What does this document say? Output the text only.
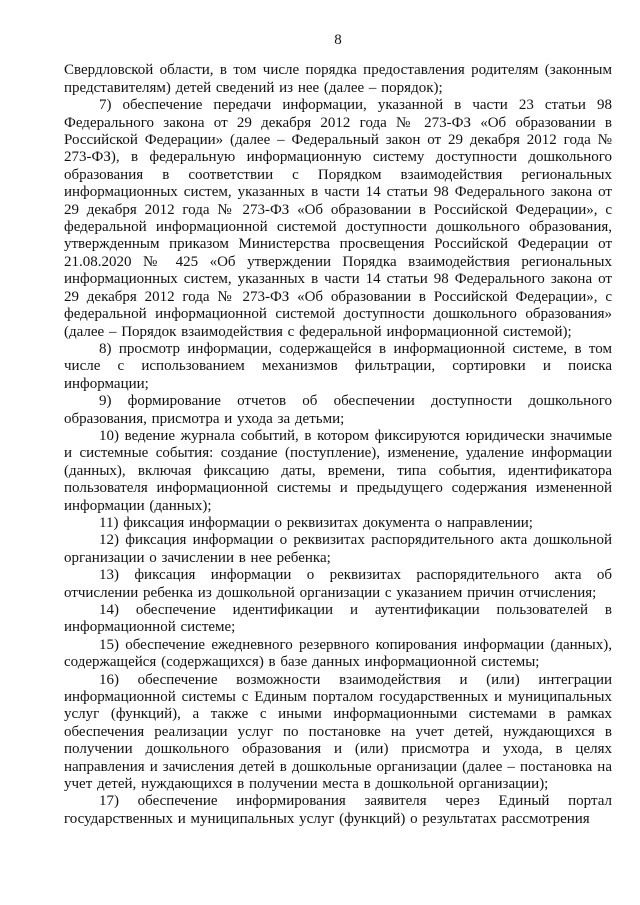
8

Свердловской области, в том числе порядка предоставления родителям (законным представителям) детей сведений из нее (далее – порядок);

7) обеспечение передачи информации, указанной в части 23 статьи 98 Федерального закона от 29 декабря 2012 года № 273-ФЗ «Об образовании в Российской Федерации» (далее – Федеральный закон от 29 декабря 2012 года № 273-ФЗ), в федеральную информационную систему доступности дошкольного образования в соответствии с Порядком взаимодействия региональных информационных систем, указанных в части 14 статьи 98 Федерального закона от 29 декабря 2012 года № 273-ФЗ «Об образовании в Российской Федерации», с федеральной информационной системой доступности дошкольного образования, утвержденным приказом Министерства просвещения Российской Федерации от 21.08.2020 № 425 «Об утверждении Порядка взаимодействия региональных информационных систем, указанных в части 14 статьи 98 Федерального закона от 29 декабря 2012 года № 273-ФЗ «Об образовании в Российской Федерации», с федеральной информационной системой доступности дошкольного образования» (далее – Порядок взаимодействия с федеральной информационной системой);

8) просмотр информации, содержащейся в информационной системе, в том числе с использованием механизмов фильтрации, сортировки и поиска информации;

9) формирование отчетов об обеспечении доступности дошкольного образования, присмотра и ухода за детьми;

10) ведение журнала событий, в котором фиксируются юридически значимые и системные события: создание (поступление), изменение, удаление информации (данных), включая фиксацию даты, времени, типа события, идентификатора пользователя информационной системы и предыдущего содержания измененной информации (данных);

11) фиксация информации о реквизитах документа о направлении;

12) фиксация информации о реквизитах распорядительного акта дошкольной организации о зачислении в нее ребенка;

13) фиксация информации о реквизитах распорядительного акта об отчислении ребенка из дошкольной организации с указанием причин отчисления;

14) обеспечение идентификации и аутентификации пользователей в информационной системе;

15) обеспечение ежедневного резервного копирования информации (данных), содержащейся (содержащихся) в базе данных информационной системы;

16) обеспечение возможности взаимодействия и (или) интеграции информационной системы с Единым порталом государственных и муниципальных услуг (функций), а также с иными информационными системами в рамках обеспечения реализации услуг по постановке на учет детей, нуждающихся в получении дошкольного образования и (или) присмотра и ухода, в целях направления и зачисления детей в дошкольные организации (далее – постановка на учет детей, нуждающихся в получении места в дошкольной организации);

17) обеспечение информирования заявителя через Единый портал государственных и муниципальных услуг (функций) о результатах рассмотрения
